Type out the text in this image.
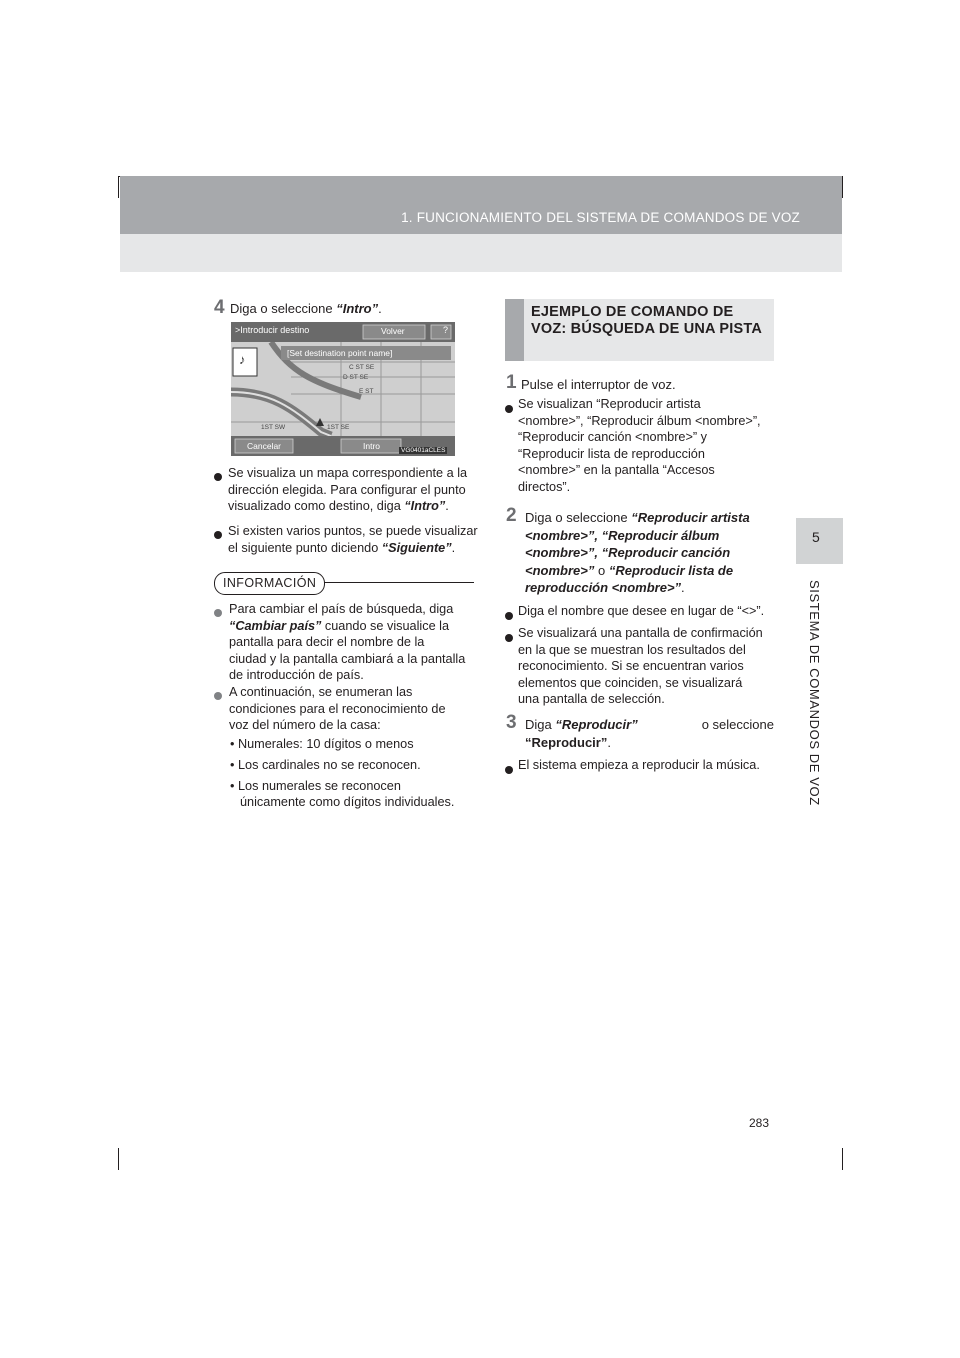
1. FUNCIONAMIENTO DEL SISTEMA DE COMANDOS DE VOZ
5
SISTEMA DE COMANDOS DE VOZ
4 Diga o seleccione “Intro”.
>Introducir destino	Volver	?
♪	[Set destination point name]
C ST SE
D ST SE
E ST
1ST SW	1ST SE
Cancelar	Intro	VG0401aCLES
Se visualiza un mapa correspondiente a la
dirección elegida. Para configurar el punto
visualizado como destino, diga “Intro”.
Si existen varios puntos, se puede visualizar
el siguiente punto diciendo “Siguiente”.
INFORMACIÓN
Para cambiar el país de búsqueda, diga
“Cambiar país” cuando se visualice la
pantalla para decir el nombre de la
ciudad y la pantalla cambiará a la pantalla
de introducción de país.
A continuación, se enumeran las
condiciones para el reconocimiento de
voz del número de la casa:
• Numerales: 10 dígitos o menos
• Los cardinales no se reconocen.
• Los numerales se reconocen
únicamente como dígitos individuales.
EJEMPLO DE COMANDO DE VOZ: BÚSQUEDA DE UNA PISTA
1 Pulse el interruptor de voz.
Se visualizan “Reproducir artista
<nombre>”, “Reproducir álbum <nombre>”,
“Reproducir canción <nombre>” y
“Reproducir lista de reproducción
<nombre>” en la pantalla “Accesos
directos”.
2 Diga o seleccione “Reproducir artista
<nombre>”, “Reproducir álbum
<nombre>”, “Reproducir canción
<nombre>” o “Reproducir lista de
reproducción <nombre>”.
Diga el nombre que desee en lugar de “<>”.
Se visualizará una pantalla de confirmación
en la que se muestran los resultados del
reconocimiento. Si se encuentran varios
elementos que coinciden, se visualizará
una pantalla de selección.
3 Diga “Reproducir”	o seleccione
“Reproducir”.
El sistema empieza a reproducir la música.
283
